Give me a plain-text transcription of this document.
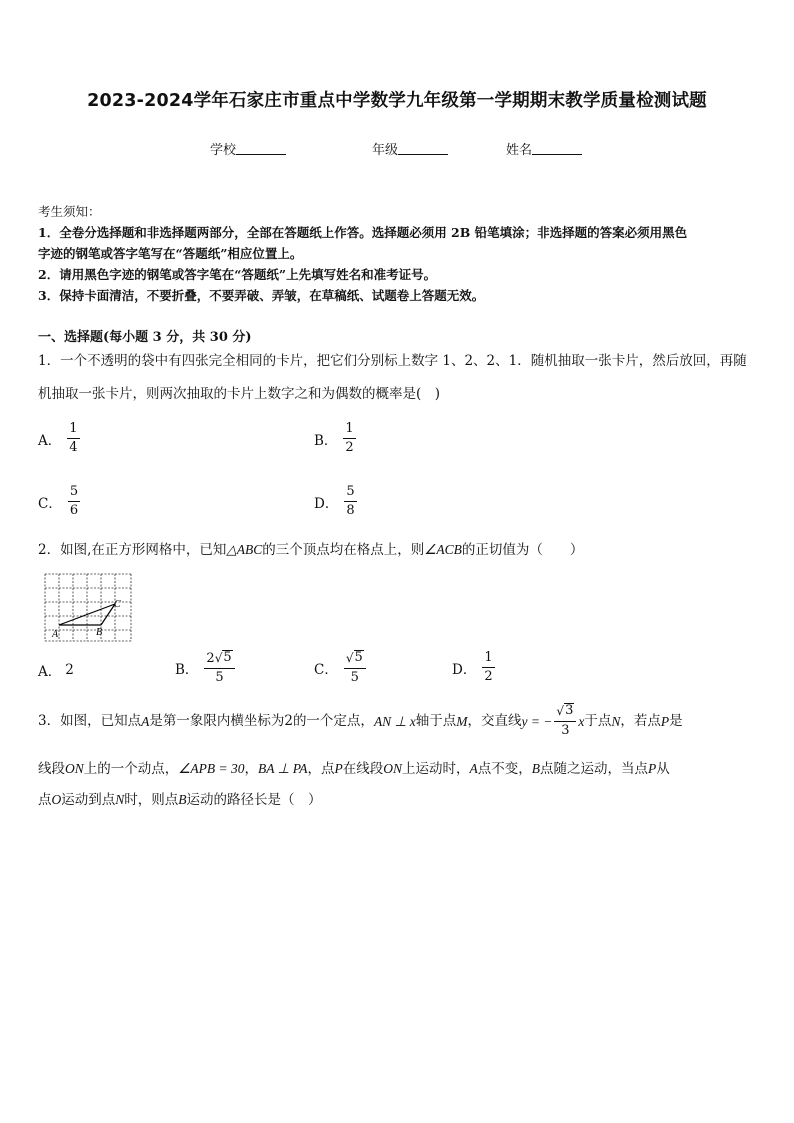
2023-2024学年石家庄市重点中学数学九年级第一学期期末教学质量检测试题
学校	年级	姓名
考生须知：
1．全卷分选择题和非选择题两部分，全部在答题纸上作答。选择题必须用 2B 铅笔填涂；非选择题的答案必须用黑色
字迹的钢笔或答字笔写在“答题纸”相应位置上。
2．请用黑色字迹的钢笔或答字笔在“答题纸”上先填写姓名和准考证号。
3．保持卡面清洁，不要折叠，不要弄破、弄皱，在草稿纸、试题卷上答题无效。
一、选择题(每小题 3 分，共 30 分)
1．一个不透明的袋中有四张完全相同的卡片，把它们分别标上数字 1、2、2、1．随机抽取一张卡片，然后放回，再随
机抽取一张卡片，则两次抽取的卡片上数字之和为偶数的概率是(　)
A． $\frac{1}{4}$	B． $\frac{1}{2}$
C． $\frac{5}{6}$	D． $\frac{5}{8}$
2．如图,在正方形网格中，已知△ABC的三个顶点均在格点上，则∠ACB的正切值为（　　）
A	B
C
A． 2	B． $\frac{2 √ 5}{5}$	C． $\frac{√ 5}{5}$	D． $\frac{1}{2}$
3．如图，已知点 A 是第一象限内横坐标为 2 的一个定点， AN ⊥ x 轴于点 M ，交直线 y = − $\frac{√ 3}{3}$ x 于点 N ，若点 P 是
线段ON上的一个动点，∠APB = 30，BA ⊥ PA，点P在线段ON上运动时，A点不变，B点随之运动，当点P从
点O运动到点N时，则点B运动的路径长是（　）
